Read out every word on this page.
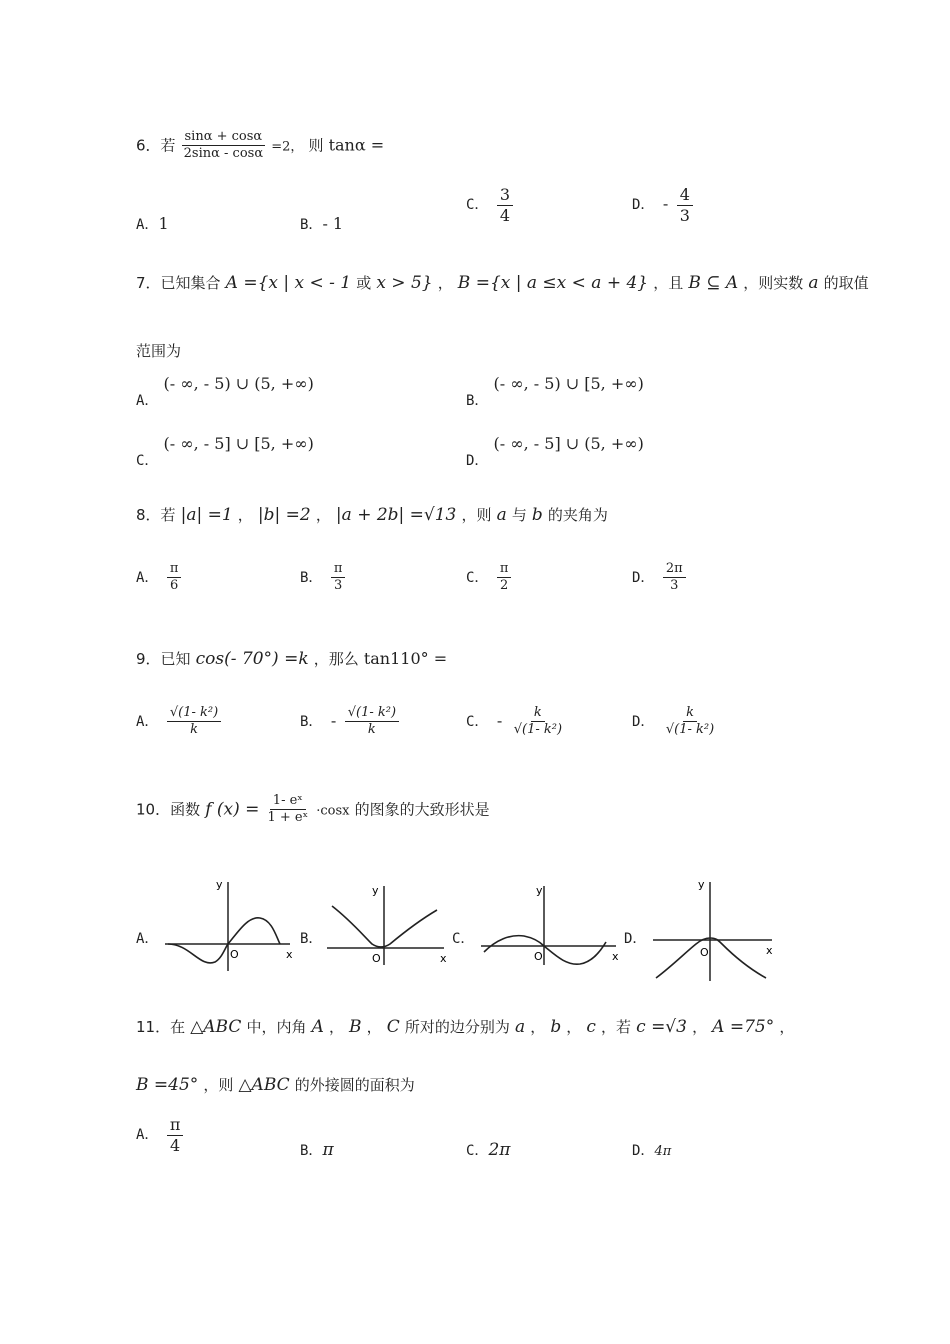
6．若 $\frac{\sin\alpha + \cos\alpha}{2\sin\alpha - \cos\alpha} =2$， 则 tanα =
A．1	B．- 1
C． $\frac{3}{4}$	D． - $\frac{4}{3}$
7．已知集合 A ={x | x < - 1 或 x > 5} ， B ={x | a ≤x < a + 4} ，且 B ⊆ A ，则实数 a 的取值
范围为
A． (- ∞, - 5) ∪ (5, +∞)
B． (- ∞, - 5) ∪ [5, +∞)
C． (- ∞, - 5] ∪ [5, +∞)
D． (- ∞, - 5] ∪ (5, +∞)
8．若 |a| =1 ， |b| =2 ， |a + 2b| =√13 ，则 a 与 b 的夹角为
A． $\frac{\pi}{6}$	B． $\frac{\pi}{3}$	C． $\frac{\pi}{2}$	D． $\frac{2\pi}{3}$
9．已知 cos(- 70°) =k ，那么 tan110° =
A． $\frac{\text{√(1- k²)}}{k}$	B． - $\frac{\text{√(1- k²)}}{k}$	C． - $\frac{k}{\text{√(1- k²)}}$	D． $\frac{k}{\text{√(1- k²)}}$
10．函数 f $(x) = \frac{\text{1- eˣ}}{\text{1 + eˣ}} \cdot\cos x$ 的图象的大致形状是
A．
y
x
O
B．
y
x
O
C．
y
x
O
D．
y
x
O
11．在 △ABC 中，内角 A ， B ， C 所对的边分别为 a ， b ， c ，若 c =√3 ， A =75° ，
B =45° ，则 △ABC 的外接圆的面积为
A． $\frac{\pi}{4}$	B．π	C．2π	D．4π
